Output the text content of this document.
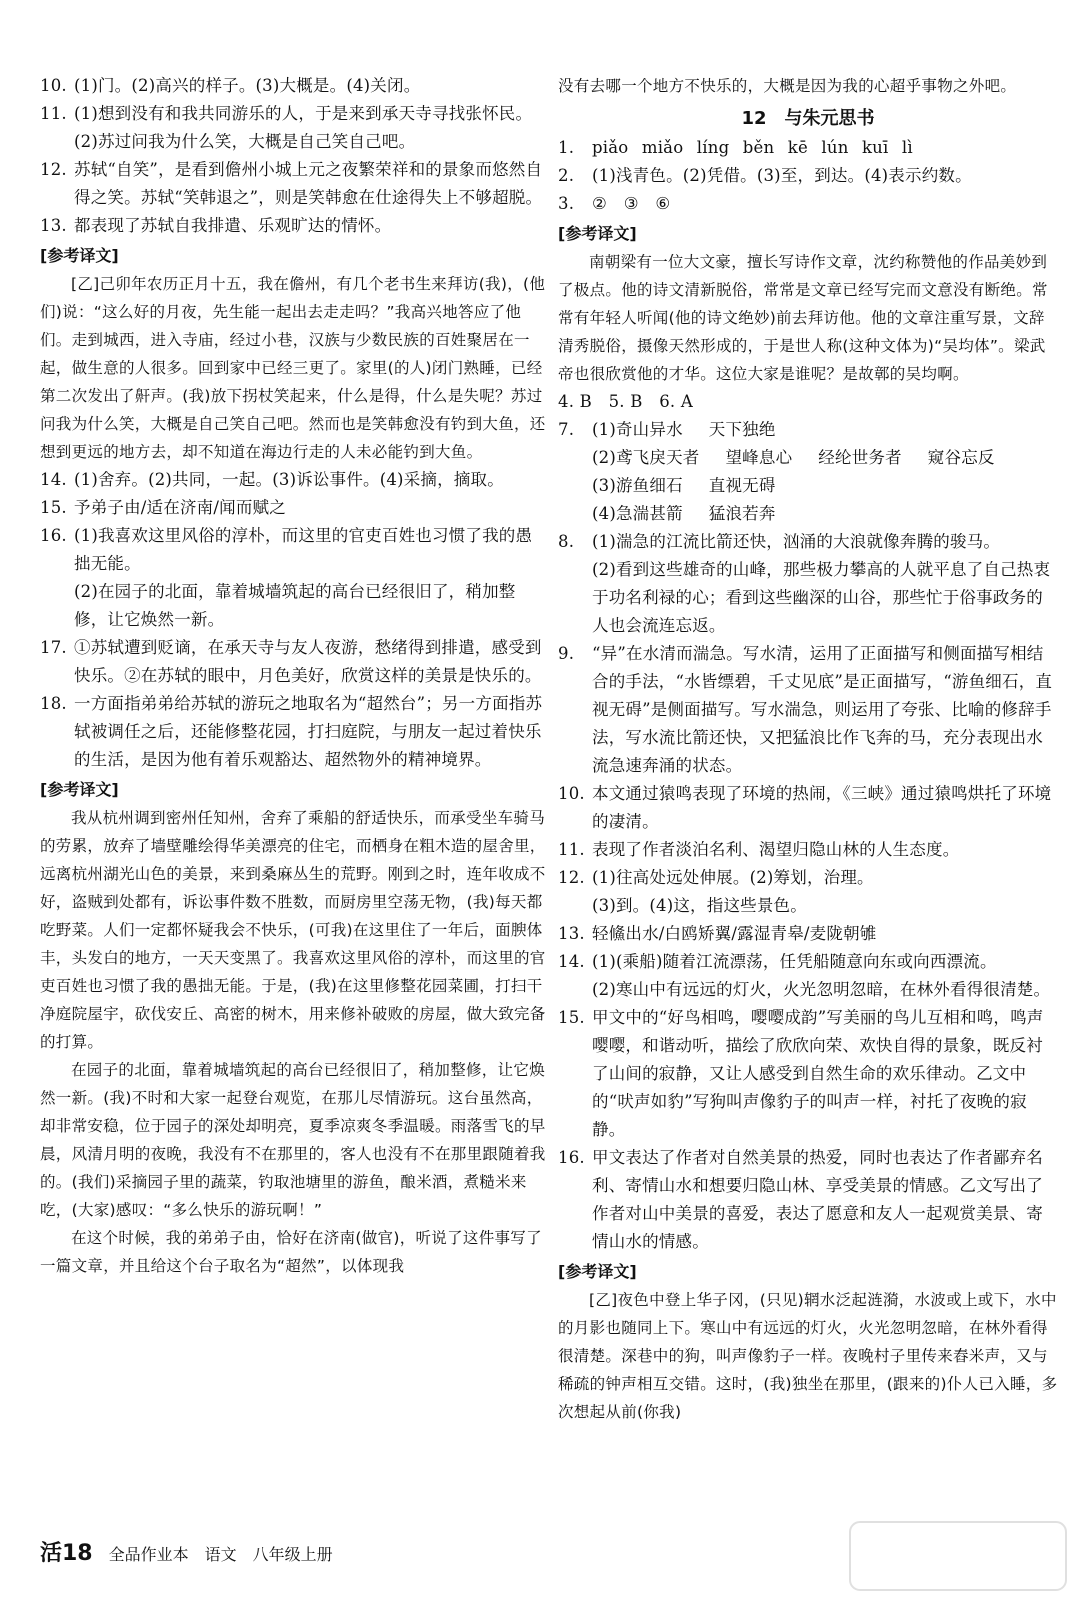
10. (1)门。(2)高兴的样子。(3)大概是。(4)关闭。
11. (1)想到没有和我共同游乐的人，于是来到承天寺寻找张怀民。

(2)苏过问我为什么笑，大概是自己笑自己吧。

12. 苏轼“自笑”，是看到儋州小城上元之夜繁荣祥和的景象而悠然自得之笑。苏轼“笑韩退之”，则是笑韩愈在仕途得失上不够超脱。
13. 都表现了苏轼自我排遣、乐观旷达的情怀。

[参考译文]

[乙]己卯年农历正月十五，我在儋州，有几个老书生来拜访(我)，(他们)说：“这么好的月夜，先生能一起出去走走吗？”我高兴地答应了他们。走到城西，进入寺庙，经过小巷，汉族与少数民族的百姓聚居在一起，做生意的人很多。回到家中已经三更了。家里(的人)闭门熟睡，已经第二次发出了鼾声。(我)放下拐杖笑起来，什么是得，什么是失呢？苏过问我为什么笑，大概是自己笑自己吧。然而也是笑韩愈没有钓到大鱼，还想到更远的地方去，却不知道在海边行走的人未必能钓到大鱼。

14. (1)舍弃。(2)共同，一起。(3)诉讼事件。(4)采摘，摘取。
15. 予弟子由/适在济南/闻而赋之
16. (1)我喜欢这里风俗的淳朴，而这里的官吏百姓也习惯了我的愚拙无能。

(2)在园子的北面，靠着城墙筑起的高台已经很旧了，稍加整修，让它焕然一新。

17. ①苏轼遭到贬谪，在承天寺与友人夜游，愁绪得到排遣，感受到快乐。②在苏轼的眼中，月色美好，欣赏这样的美景是快乐的。
18. 一方面指弟弟给苏轼的游玩之地取名为“超然台”；另一方面指苏轼被调任之后，还能修整花园，打扫庭院，与朋友一起过着快乐的生活，是因为他有着乐观豁达、超然物外的精神境界。

[参考译文]

我从杭州调到密州任知州，舍弃了乘船的舒适快乐，而承受坐车骑马的劳累，放弃了墙壁雕绘得华美漂亮的住宅，而栖身在粗木造的屋舍里，远离杭州湖光山色的美景，来到桑麻丛生的荒野。刚到之时，连年收成不好，盗贼到处都有，诉讼事件数不胜数，而厨房里空荡无物，(我)每天都吃野菜。人们一定都怀疑我会不快乐，(可我)在这里住了一年后，面腴体丰，头发白的地方，一天天变黑了。我喜欢这里风俗的淳朴，而这里的官吏百姓也习惯了我的愚拙无能。于是，(我)在这里修整花园菜圃，打扫干净庭院屋宇，砍伐安丘、高密的树木，用来修补破败的房屋，做大致完备的打算。

在园子的北面，靠着城墙筑起的高台已经很旧了，稍加整修，让它焕然一新。(我)不时和大家一起登台观览，在那儿尽情游玩。这台虽然高，却非常安稳，位于园子的深处却明亮，夏季凉爽冬季温暖。雨落雪飞的早晨，风清月明的夜晚，我没有不在那里的，客人也没有不在那里跟随着我的。(我们)采摘园子里的蔬菜，钓取池塘里的游鱼，酿米酒，煮糙米来吃，(大家)感叹：“多么快乐的游玩啊！”

在这个时候，我的弟弟子由，恰好在济南(做官)，听说了这件事写了一篇文章，并且给这个台子取名为“超然”，以体现我

没有去哪一个地方不快乐的，大概是因为我的心超乎事物之外吧。

12　与朱元思书

1.	piǎo miǎo líng běn kē lún kuī lì
2.	(1)浅青色。(2)凭借。(3)至，到达。(4)表示约数。
3.	②　③　⑥

[参考译文]

南朝梁有一位大文豪，擅长写诗作文章，沈约称赞他的作品美妙到了极点。他的诗文清新脱俗，常常是文章已经写完而文意没有断绝。常常有年轻人听闻(他的诗文绝妙)前去拜访他。他的文章注重写景，文辞清秀脱俗，摄像天然形成的，于是世人称(这种文体为)“吴均体”。梁武帝也很欣赏他的才华。这位大家是谁呢？是故鄣的吴均啊。

4. B　5. B　6. A

7.	(1)奇山异水 天下独绝
(2)鸢飞戾天者 望峰息心 经纶世务者 窥谷忘反
(3)游鱼细石 直视无碍
(4)急湍甚箭 猛浪若奔
8.	(1)湍急的江流比箭还快，汹涌的大浪就像奔腾的骏马。

(2)看到这些雄奇的山峰，那些极力攀高的人就平息了自己热衷于功名利禄的心；看到这些幽深的山谷，那些忙于俗事政务的人也会流连忘返。

9.	“异”在水清而湍急。写水清，运用了正面描写和侧面描写相结合的手法，“水皆缥碧，千丈见底”是正面描写，“游鱼细石，直视无碍”是侧面描写。写水湍急，则运用了夸张、比喻的修辞手法，写水流比箭还快，又把猛浪比作飞奔的马，充分表现出水流急速奔涌的状态。
10. 本文通过猿鸣表现了环境的热闹，《三峡》通过猿鸣烘托了环境的凄清。
11. 表现了作者淡泊名利、渴望归隐山林的人生态度。
12. (1)往高处远处伸展。(2)筹划，治理。

(3)到。(4)这，指这些景色。

13. 轻鯈出水/白鸥矫翼/露湿青皋/麦陇朝雊
14. (1)(乘船)随着江流漂荡，任凭船随意向东或向西漂流。

(2)寒山中有远远的灯火，火光忽明忽暗，在林外看得很清楚。

15. 甲文中的“好鸟相鸣，嘤嘤成韵”写美丽的鸟儿互相和鸣，鸣声嘤嘤，和谐动听，描绘了欣欣向荣、欢快自得的景象，既反衬了山间的寂静，又让人感受到自然生命的欢乐律动。乙文中的“吠声如豹”写狗叫声像豹子的叫声一样，衬托了夜晚的寂静。
16. 甲文表达了作者对自然美景的热爱，同时也表达了作者鄙弃名利、寄情山水和想要归隐山林、享受美景的情感。乙文写出了作者对山中美景的喜爱，表达了愿意和友人一起观赏美景、寄情山水的情感。

[参考译文]

[乙]夜色中登上华子冈，(只见)辋水泛起涟漪，水波或上或下，水中的月影也随同上下。寒山中有远远的灯火，火光忽明忽暗，在林外看得很清楚。深巷中的狗，叫声像豹子一样。夜晚村子里传来舂米声，又与稀疏的钟声相互交错。这时，(我)独坐在那里，(跟来的)仆人已入睡，多次想起从前(你我)

活18 全品作业本 语文 八年级上册
